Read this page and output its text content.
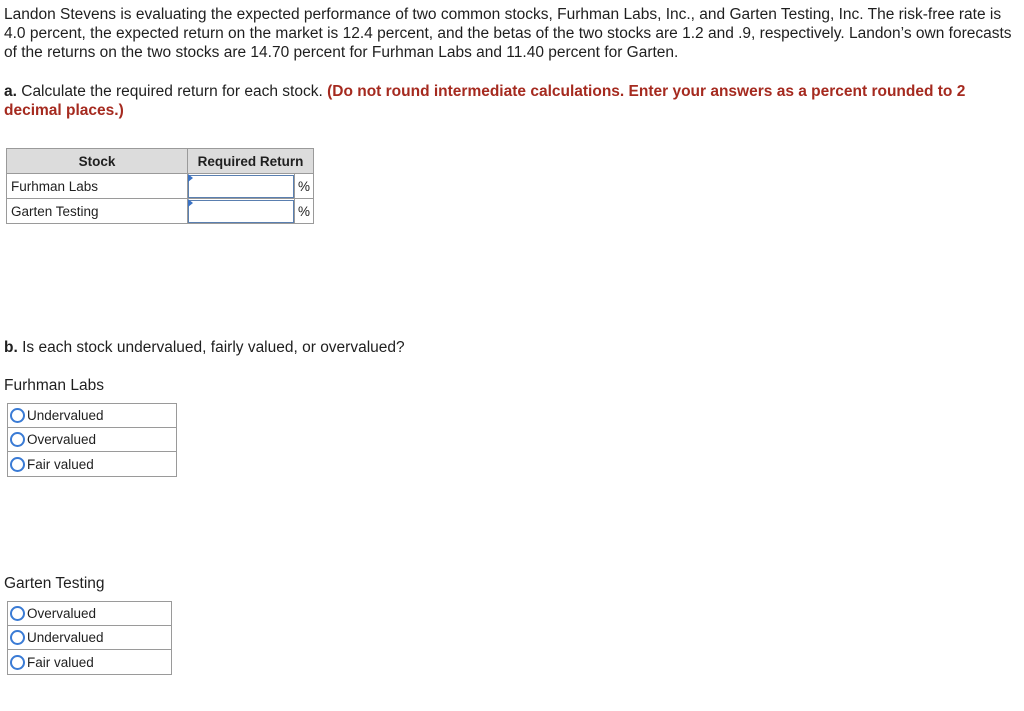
Landon Stevens is evaluating the expected performance of two common stocks, Furhman Labs, Inc., and Garten Testing, Inc. The risk-free rate is 4.0 percent, the expected return on the market is 12.4 percent, and the betas of the two stocks are 1.2 and .9, respectively. Landon’s own forecasts of the returns on the two stocks are 14.70 percent for Furhman Labs and 11.40 percent for Garten.
a. Calculate the required return for each stock. (Do not round intermediate calculations. Enter your answers as a percent rounded to 2 decimal places.)
Stock	Required Return	
Furhman Labs		%
Garten Testing		%
b. Is each stock undervalued, fairly valued, or overvalued?
Furhman Labs
Undervalued
Overvalued
Fair valued
Garten Testing
Overvalued
Undervalued
Fair valued
